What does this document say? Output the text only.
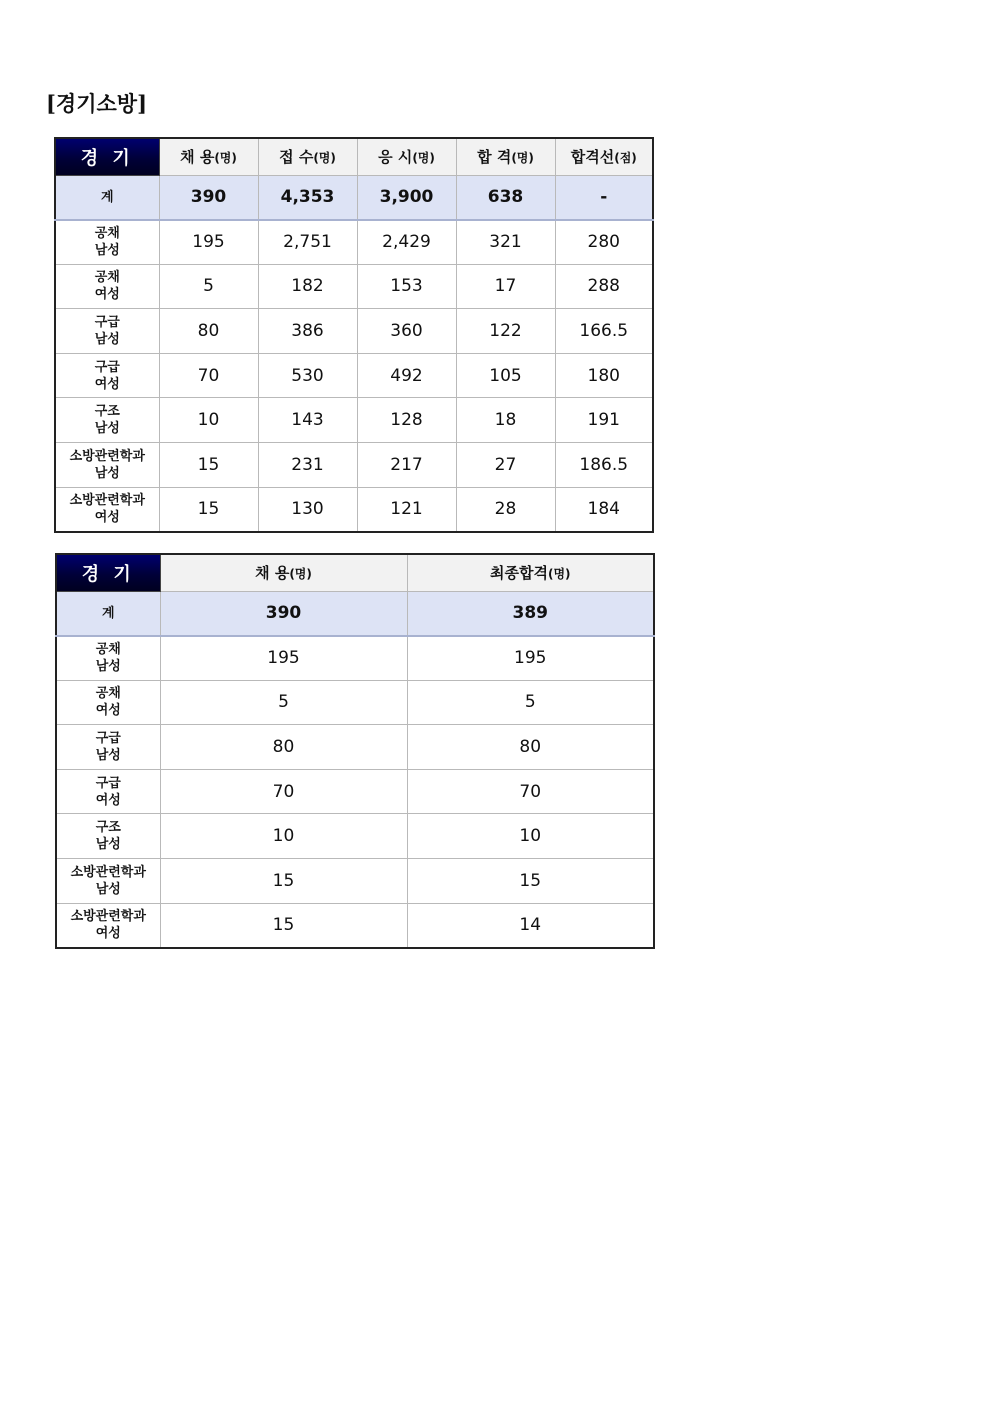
[경기소방]
경 기	채 용(명)	접 수(명)	응 시(명)	합 격(명)	합격선(점)
계	390	4,353	3,900	638	-
공채
남성	195	2,751	2,429	321	280
공채
여성	5	182	153	17	288
구급
남성	80	386	360	122	166.5
구급
여성	70	530	492	105	180
구조
남성	10	143	128	18	191
소방관련학과
남성	15	231	217	27	186.5
소방관련학과
여성	15	130	121	28	184
경 기	채 용(명)	최종합격(명)
계	390	389
공채
남성	195	195
공채
여성	5	5
구급
남성	80	80
구급
여성	70	70
구조
남성	10	10
소방관련학과
남성	15	15
소방관련학과
여성	15	14
